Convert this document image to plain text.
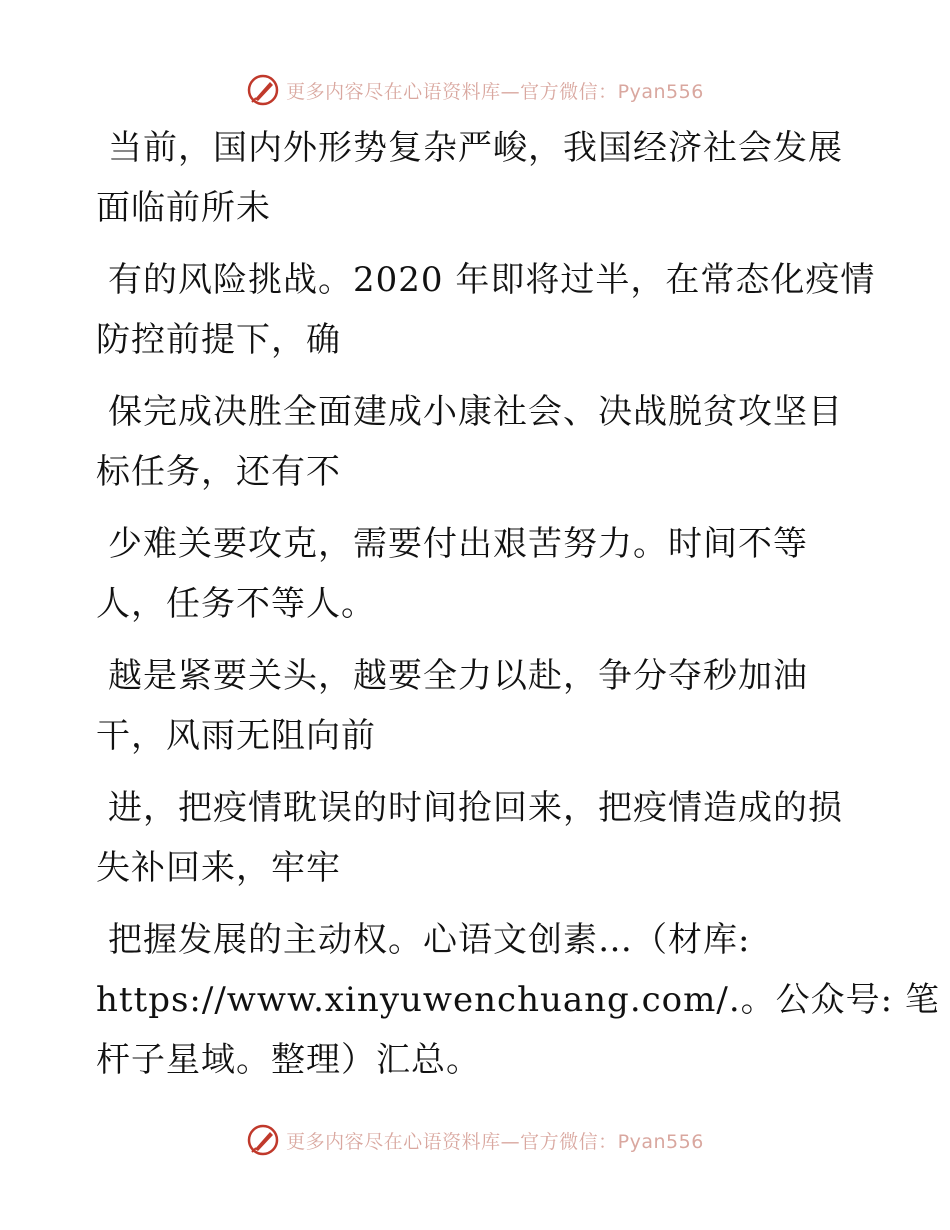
更多内容尽在心语资料库—官方微信：Pyan556
当前，国内外形势复杂严峻，我国经济社会发展
面临前所未
有的风险挑战。2020 年即将过半，在常态化疫情
防控前提下，确
保完成决胜全面建成小康社会、决战脱贫攻坚目
标任务，还有不
少难关要攻克，需要付出艰苦努力。时间不等
人，任务不等人。
越是紧要关头，越要全力以赴，争分夺秒加油
干，风雨无阻向前
进，把疫情耽误的时间抢回来，把疫情造成的损
失补回来，牢牢
把握发展的主动权。心语文创素…（材库:
https://www.xinyuwenchuang.com/.。公众号: 笔
杆子星域。整理）汇总。
更多内容尽在心语资料库—官方微信：Pyan556
